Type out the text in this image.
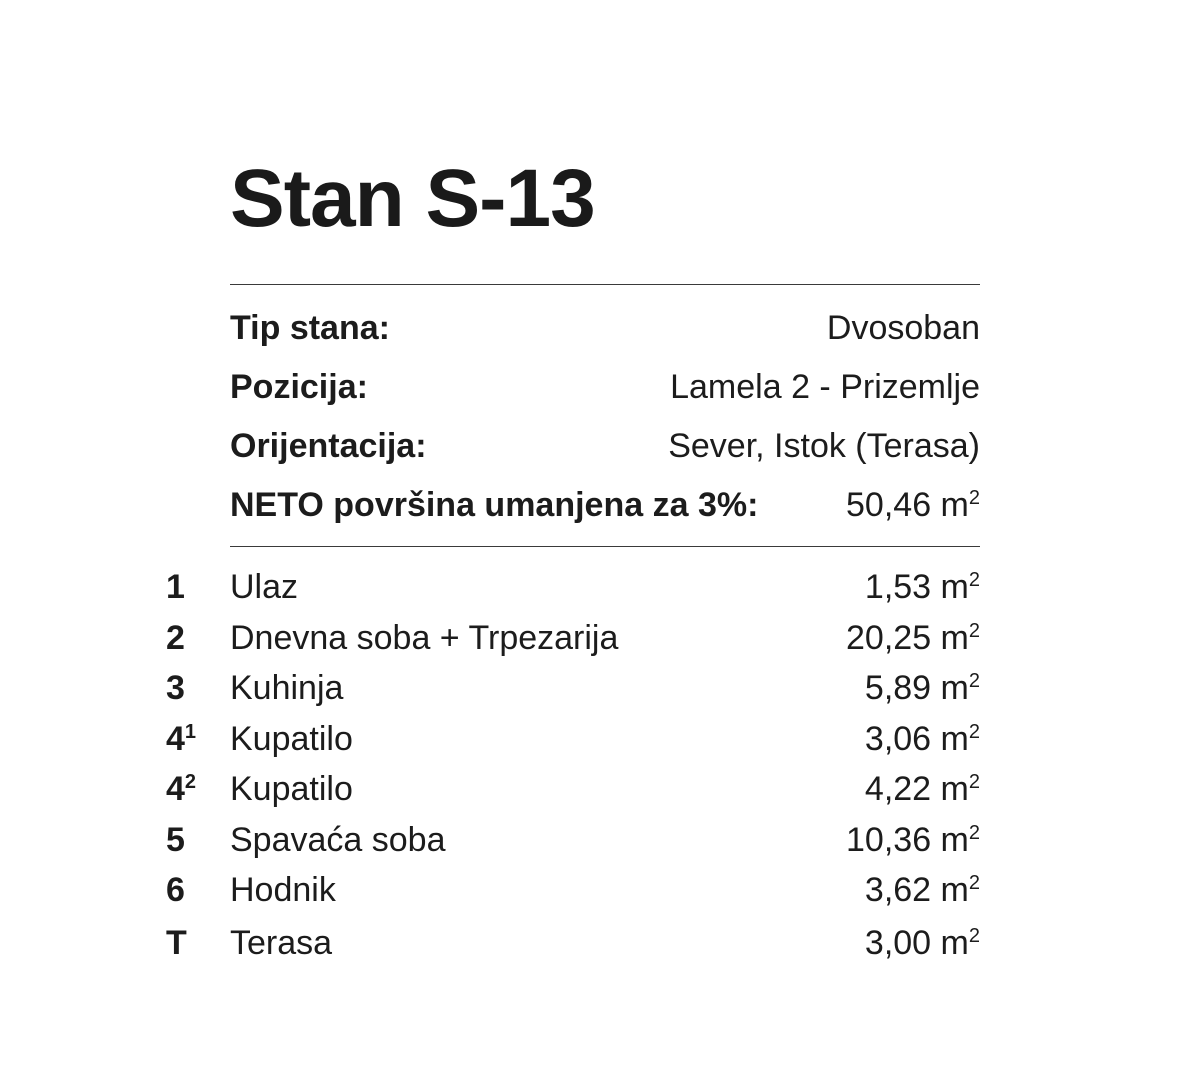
Stan S-13
Tip stana:	Dvosoban
Pozicija:	Lamela 2 - Prizemlje
Orijentacija:	Sever, Istok (Terasa)
NETO površina umanjena za 3%:	50,46 $m^2$
1	Ulaz	1,53 $m^2$
2	Dnevna soba + Trpezarija	20,25 $m^2$
3	Kuhinja	5,89 $m^2$
$4^1$ Kupatilo	3,06 $m^2$
$4^2$ Kupatilo	4,22 $m^2$
5	Spavaća soba	10,36 $m^2$
6	Hodnik	3,62 $m^2$
T	Terasa	3,00 $m^2$
